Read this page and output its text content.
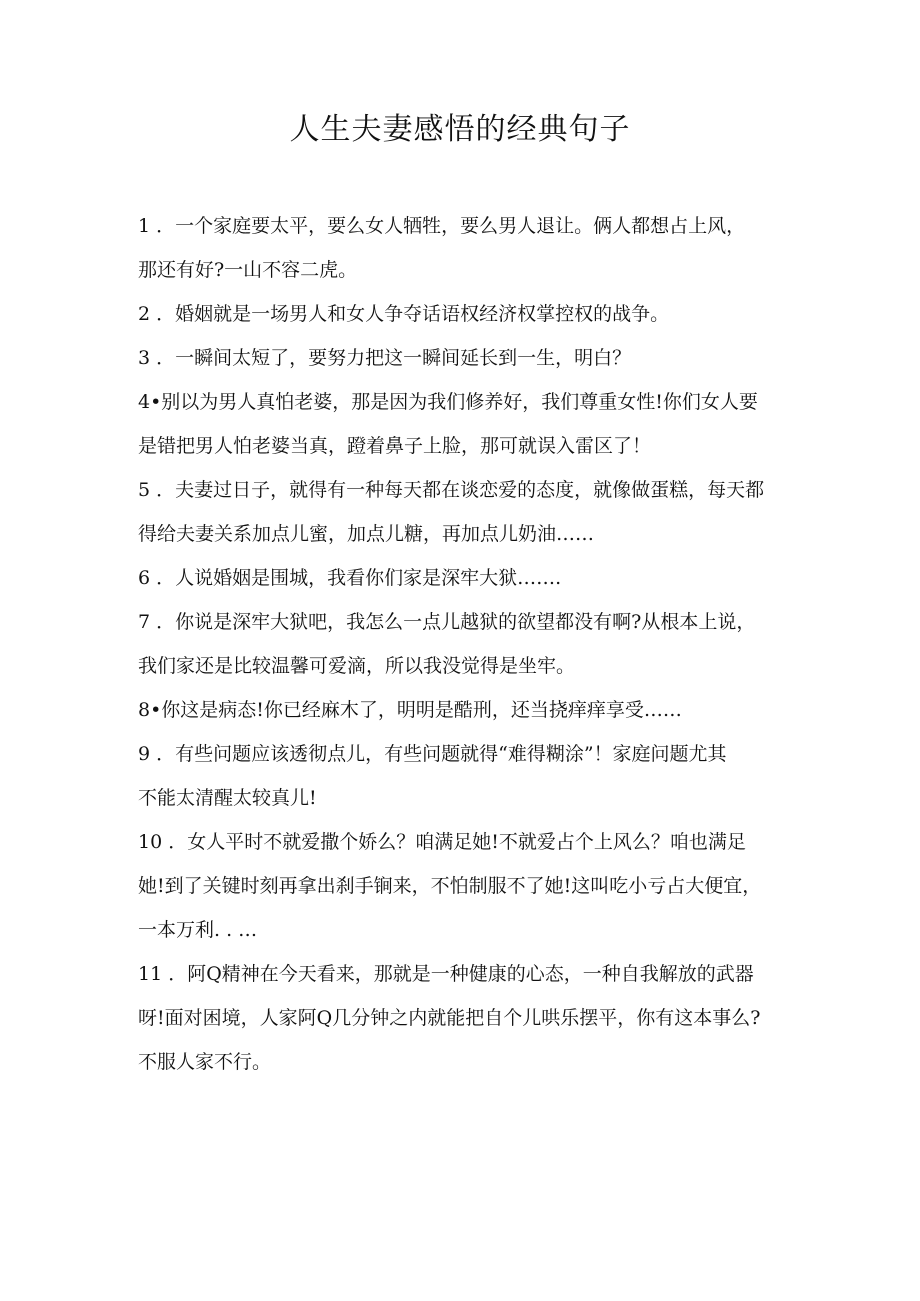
人生夫妻感悟的经典句子
1 ．一个家庭要太平，要么女人牺牲，要么男人退让。俩人都想占上风，
那还有好?一山不容二虎。
2 ．婚姻就是一场男人和女人争夺话语权经济权掌控权的战争。
3 ．一瞬间太短了，要努力把这一瞬间延长到一生，明白？
4•别以为男人真怕老婆，那是因为我们修养好，我们尊重女性!你们女人要
是错把男人怕老婆当真，蹬着鼻子上脸，那可就误入雷区了！
5 ．夫妻过日子，就得有一种每天都在谈恋爱的态度，就像做蛋糕，每天都
得给夫妻关系加点儿蜜，加点儿糖，再加点儿奶油……
6 ．人说婚姻是围城，我看你们家是深牢大狱…….
7 ．你说是深牢大狱吧，我怎么一点儿越狱的欲望都没有啊?从根本上说，
我们家还是比较温馨可爱滴，所以我没觉得是坐牢。
8•你这是病态!你已经麻木了，明明是酷刑，还当挠痒痒享受……
9 ．有些问题应该透彻点儿，有些问题就得“难得糊涂”！家庭问题尤其
不能太清醒太较真儿!
10 ．女人平时不就爱撒个娇么？咱满足她!不就爱占个上风么？咱也满足
她!到了关键时刻再拿出刹手锏来，不怕制服不了她!这叫吃小亏占大便宜，
一本万利. . …
11 ．阿Q精神在今天看来，那就是一种健康的心态，一种自我解放的武器
呀!面对困境，人家阿Q几分钟之内就能把自个儿哄乐摆平，你有这本事么?
不服人家不行。
